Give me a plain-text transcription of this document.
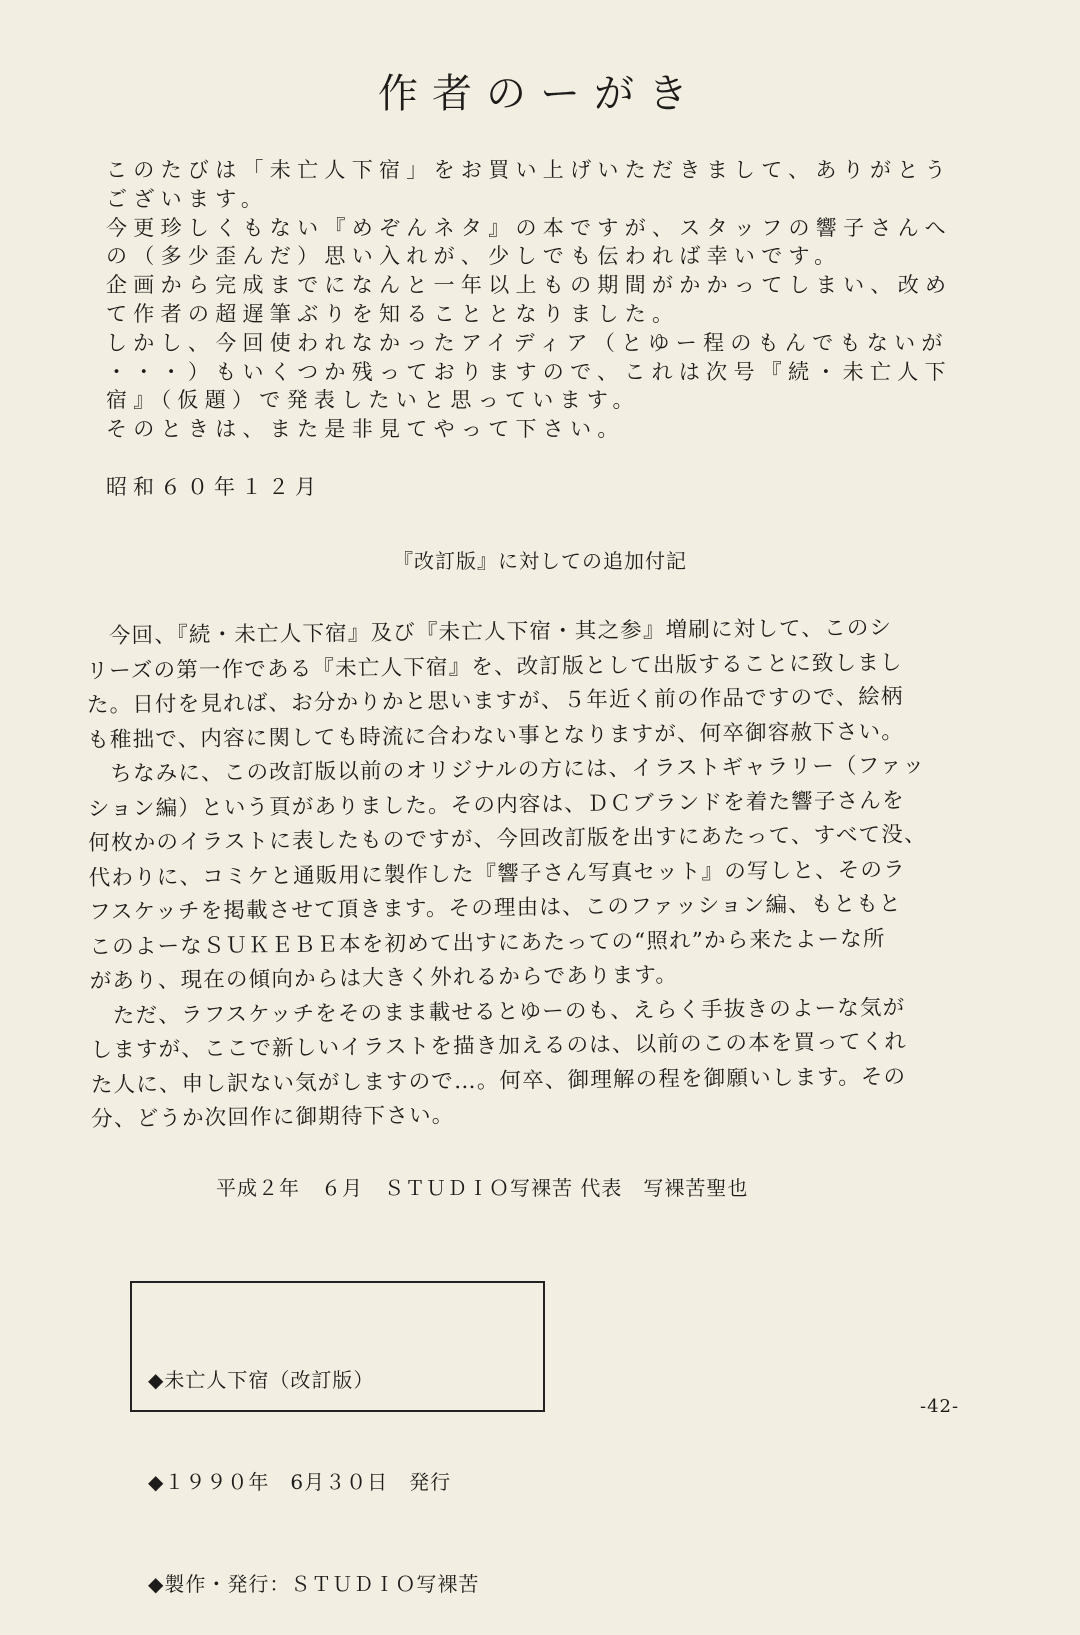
作者のーがき
このたびは「未亡人下宿」をお買い上げいただきまして、ありがとう
ございます。
今更珍しくもない『めぞんネタ』の本ですが、スタッフの響子さんへ
の（多少歪んだ）思い入れが、少しでも伝われば幸いです。
企画から完成までになんと一年以上もの期間がかかってしまい、改め
て作者の超遅筆ぶりを知ることとなりました。
しかし、今回使われなかったアイディア（とゆー程のもんでもないが
・・・）もいくつか残っておりますので、これは次号『続・未亡人下
宿』（仮題）で発表したいと思っています。
そのときは、また是非見てやって下さい。
昭和６０年１２月
『改訂版』に対しての追加付記
　今回、『続・未亡人下宿』及び『未亡人下宿・其之参』増刷に対して、このシ
リーズの第一作である『未亡人下宿』を、改訂版として出版することに致しまし
た。日付を見れば、お分かりかと思いますが、５年近く前の作品ですので、絵柄
も稚拙で、内容に関しても時流に合わない事となりますが、何卒御容赦下さい。
　ちなみに、この改訂版以前のオリジナルの方には、イラストギャラリー（ファッ
ション編）という頁がありました。その内容は、ＤＣブランドを着た響子さんを
何枚かのイラストに表したものですが、今回改訂版を出すにあたって、すべて没、
代わりに、コミケと通販用に製作した『響子さん写真セット』の写しと、そのラ
フスケッチを掲載させて頂きます。その理由は、このファッション編、もともと
このよーなＳＵＫＥＢＥ本を初めて出すにあたっての“照れ”から来たよーな所
があり、現在の傾向からは大きく外れるからであります。
　ただ、ラフスケッチをそのまま載せるとゆーのも、えらく手抜きのよーな気が
しますが、ここで新しいイラストを描き加えるのは、以前のこの本を買ってくれ
た人に、申し訳ない気がしますので…。何卒、御理解の程を御願いします。その
分、どうか次回作に御期待下さい。
平成２年　６月　ＳＴＵＤＩＯ写裸苦 代表　写裸苦聖也

◆未亡人下宿（改訂版）

◆１９９０年　6月３０日　発行

◆製作・発行：ＳＴＵＤＩＯ写裸苦

-42-
